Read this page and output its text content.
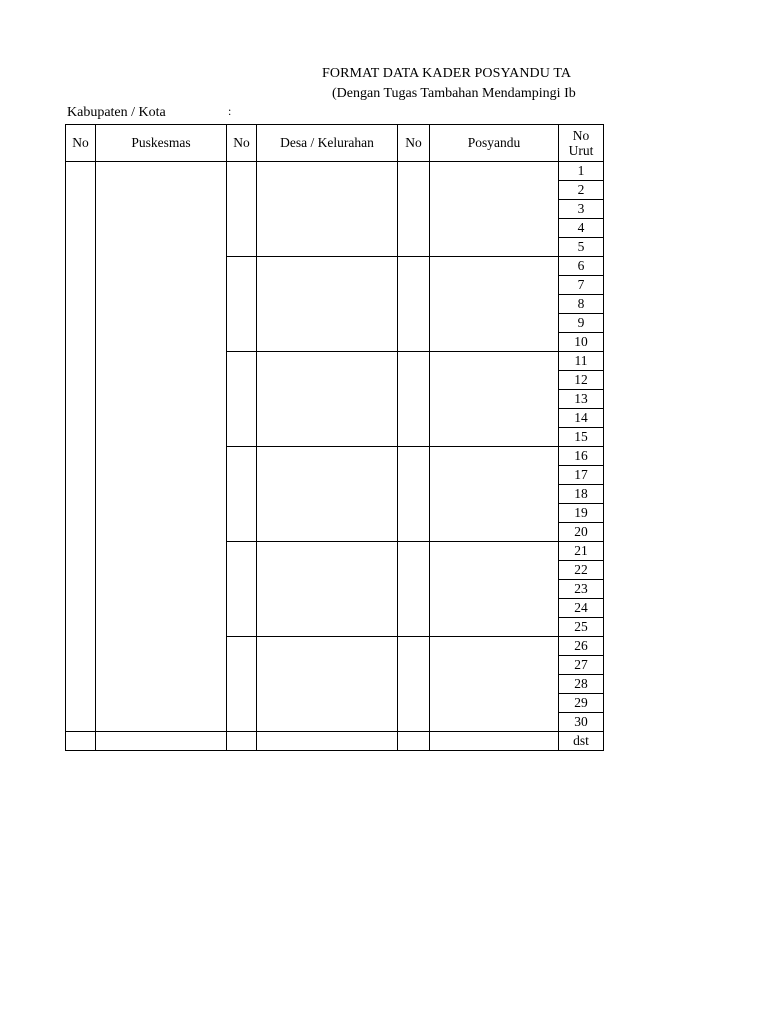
FORMAT DATA KADER POSYANDU TA
(Dengan Tugas Tambahan Mendampingi Ib
Kabupaten / Kota	:
No	Puskesmas	No	Desa / Kelurahan	No	Posyandu	No
Urut
						1
						2
						3
						4
						5
						6
						7
						8
						9
						10
						11
						12
						13
						14
						15
						16
						17
						18
						19
						20
						21
						22
						23
						24
						25
						26
						27
						28
						29
						30
						dst
